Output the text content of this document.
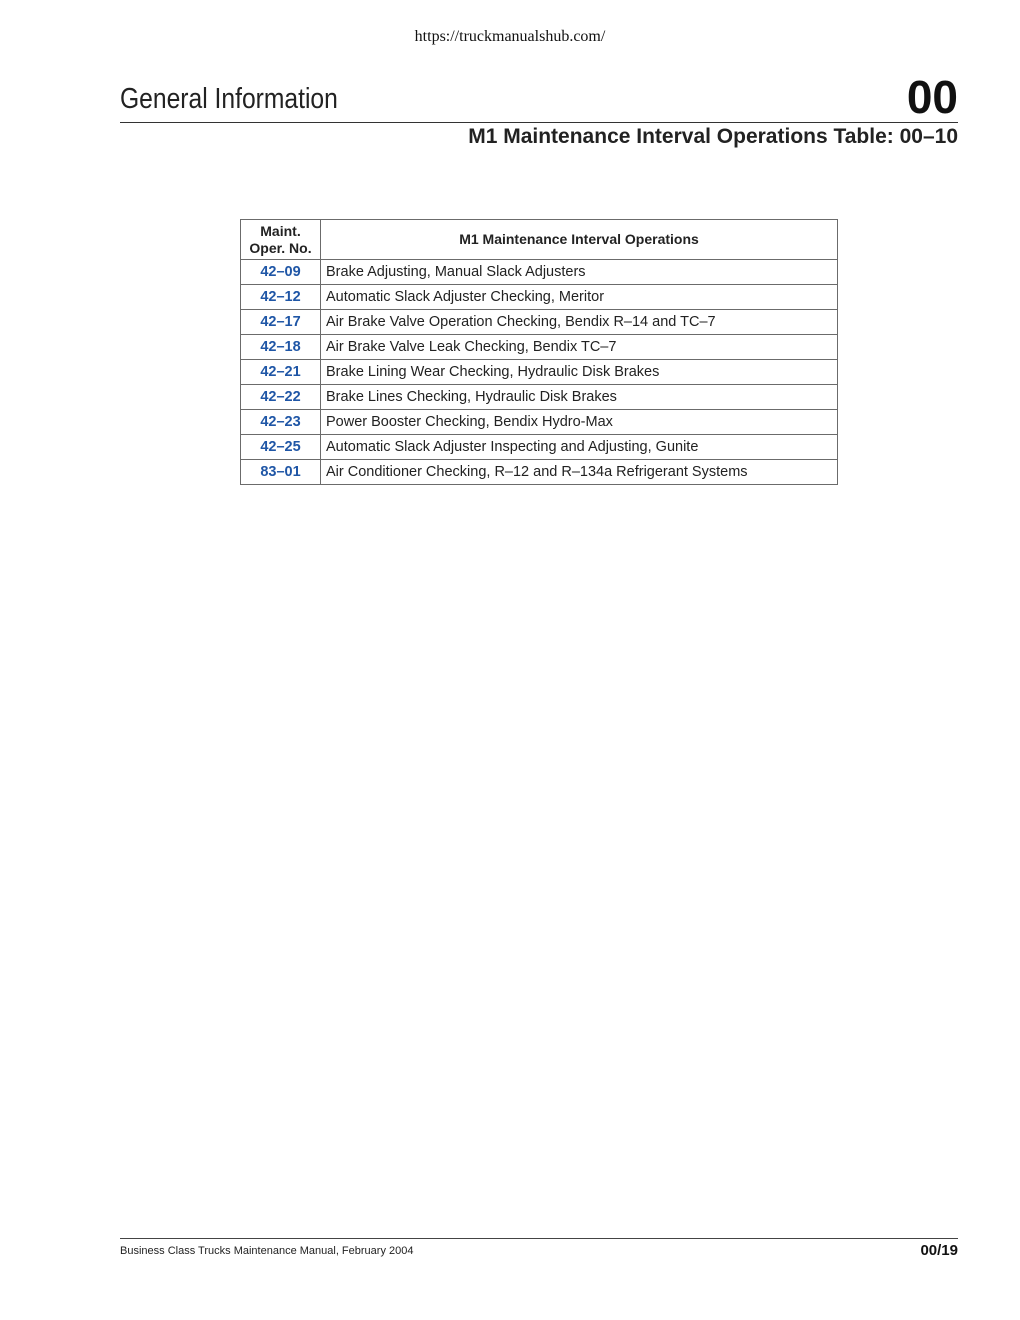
https://truckmanualshub.com/
General Information	00
M1 Maintenance Interval Operations Table: 00–10
Maint.
Oper. No.	M1 Maintenance Interval Operations
42–09	Brake Adjusting, Manual Slack Adjusters
42–12	Automatic Slack Adjuster Checking, Meritor
42–17	Air Brake Valve Operation Checking, Bendix R–14 and TC–7
42–18	Air Brake Valve Leak Checking, Bendix TC–7
42–21	Brake Lining Wear Checking, Hydraulic Disk Brakes
42–22	Brake Lines Checking, Hydraulic Disk Brakes
42–23	Power Booster Checking, Bendix Hydro-Max
42–25	Automatic Slack Adjuster Inspecting and Adjusting, Gunite
83–01	Air Conditioner Checking, R–12 and R–134a Refrigerant Systems
Business Class Trucks Maintenance Manual, February 2004	00/19
